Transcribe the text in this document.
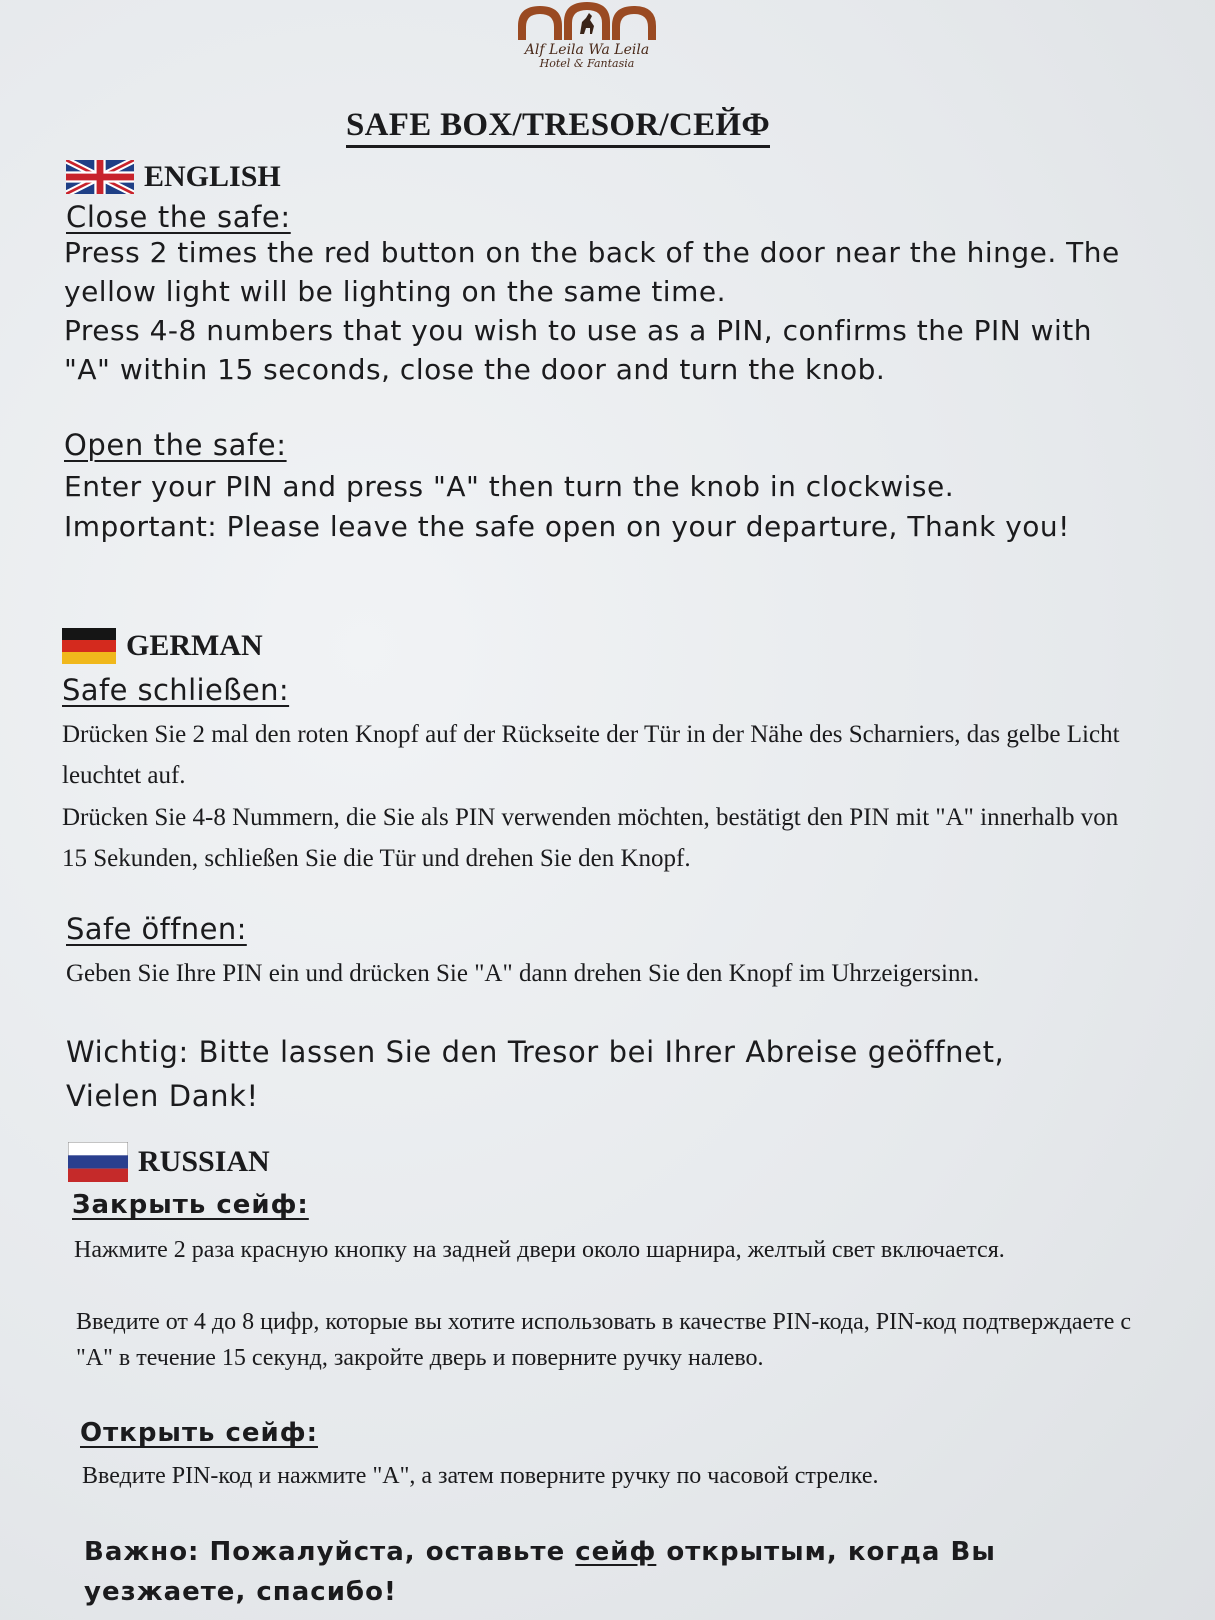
Alf Leila Wa Leila
Hotel & Fantasia
SAFE BOX/TRESOR/СЕЙФ
ENGLISH
Close the safe:
Press 2 times the red button on the back of the door near the hinge. The yellow light will be lighting on the same time.
Press 4-8 numbers that you wish to use as a PIN, confirms the PIN with "A" within 15 seconds, close the door and turn the knob.
Open the safe:
Enter your PIN and press "A" then turn the knob in clockwise.
Important: Please leave the safe open on your departure, Thank you!
GERMAN
Safe schließen:
Drücken Sie 2 mal den roten Knopf auf der Rückseite der Tür in der Nähe des Scharniers, das gelbe Licht leuchtet auf.
Drücken Sie 4-8 Nummern, die Sie als PIN verwenden möchten, bestätigt den PIN mit "A" innerhalb von 15 Sekunden, schließen Sie die Tür und drehen Sie den Knopf.
Safe öffnen:
Geben Sie Ihre PIN ein und drücken Sie "A" dann drehen Sie den Knopf im Uhrzeigersinn.
Wichtig: Bitte lassen Sie den Tresor bei Ihrer Abreise geöffnet, Vielen Dank!
RUSSIAN
Закрыть сейф:
Нажмите 2 раза красную кнопку на задней двери около шарнира, желтый свет включается.
Введите от 4 до 8 цифр, которые вы хотите использовать в качестве PIN-кода, PIN-код подтверждаете с "А" в течение 15 секунд, закройте дверь и поверните ручку налево.
Открыть сейф:
Введите PIN-код и нажмите "А", а затем поверните ручку по часовой стрелке.
Важно: Пожалуйста, оставьте сейф открытым, когда Вы уезжаете, спасибо!
